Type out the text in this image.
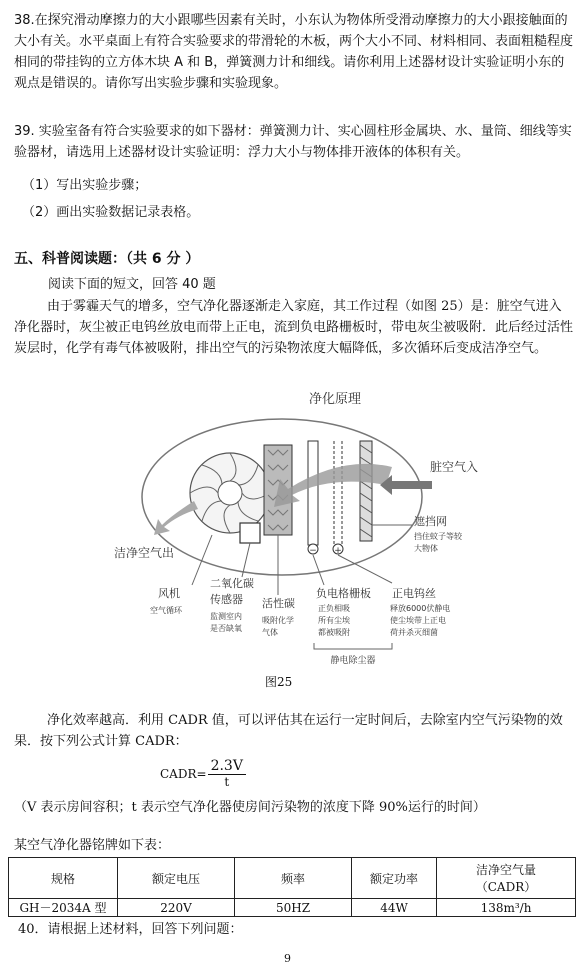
38.在探究滑动摩擦力的大小跟哪些因素有关时，小东认为物体所受滑动摩擦力的大小跟接触面的大小有关。水平桌面上有符合实验要求的带滑轮的木板，两个大小不同、材料相同、表面粗糙程度相同的带挂钩的立方体木块 A 和 B，弹簧测力计和细线。请你利用上述器材设计实验证明小东的观点是错误的。请你写出实验步骤和实验现象。

39. 实验室备有符合实验要求的如下器材：弹簧测力计、实心圆柱形金属块、水、量筒、细线等实验器材，请选用上述器材设计实验证明：浮力大小与物体排开液体的体积有关。

（1）写出实验步骤；

（2）画出实验数据记录表格。

五、科普阅读题：（共 6 分 ）

阅读下面的短文，回答 40 题

由于雾霾天气的增多，空气净化器逐渐走入家庭，其工作过程（如图 25）是：脏空气进入净化器时，灰尘被正电钨丝放电而带上正电，流到负电路栅板时，带电灰尘被吸附．此后经过活性炭层时，化学有毒气体被吸附，排出空气的污染物浓度大幅降低，多次循环后变成洁净空气。

净化原理
脏空气入
洁净空气出	− +
风机
空气循环
二氧化碳
传感器
监测室内
是否缺氧
活性碳
吸附化学
气体
负电格栅板
正负相吸
所有尘埃
都被吸附
正电钨丝
释放6000伏静电
使尘埃带上正电
荷并杀灭细菌
遮挡网
挡住蚊子等较
大物体
静电除尘器

图25

净化效率越高．利用 CADR 值，可以评估其在运行一定时间后，去除室内空气污染物的效果．按下列公式计算 CADR：

CADR= $\frac{2.3V}{t}$

（V 表示房间容积；t 表示空气净化器使房间污染物的浓度下降 90%运行的时间）

某空气净化器铭牌如下表：

规格	额定电压	频率	额定功率	洁净空气量
（CADR）

GH－2034A 型	220V	50HZ	44W	138m³/h

40．请根据上述材料，回答下列问题：

9
